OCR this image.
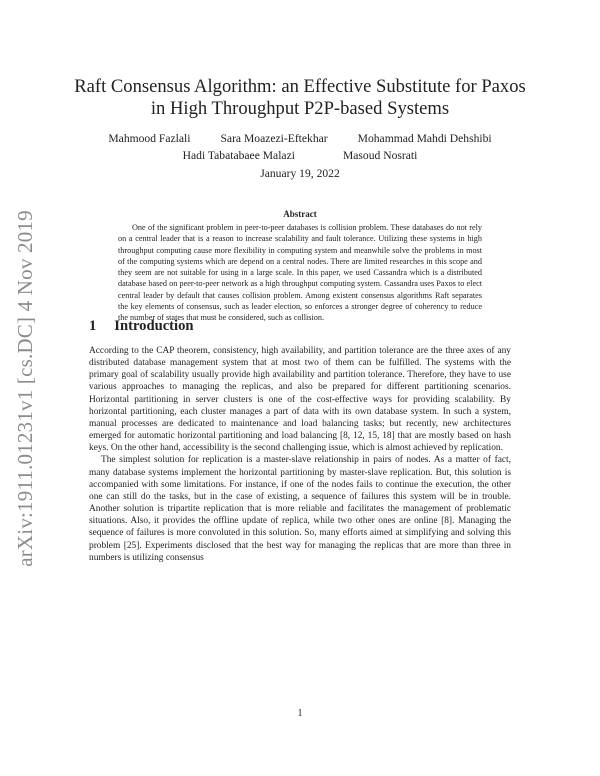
arXiv:1911.01231v1 [cs.DC] 4 Nov 2019
Raft Consensus Algorithm: an Effective Substitute for Paxos
in High Throughput P2P-based Systems
Mahmood Fazlali	Sara Moazezi-Eftekhar	Mohammad Mahdi Dehshibi
Hadi Tabatabaee Malazi	Masoud Nosrati
January 19, 2022
Abstract
One of the significant problem in peer-to-peer databases is collision problem. These databases do not rely on a central leader that is a reason to increase scalability and fault tolerance. Utilizing these systems in high throughput computing cause more flexibility in computing system and meanwhile solve the problems in most of the computing systems which are depend on a central nodes. There are limited researches in this scope and they seem are not suitable for using in a large scale. In this paper, we used Cassandra which is a distributed database based on peer-to-peer network as a high throughput computing system. Cassandra uses Paxos to elect central leader by default that causes collision problem. Among existent consensus algorithms Raft separates the key elements of consensus, such as leader election, so enforces a stronger degree of coherency to reduce the number of states that must be considered, such as collision.
1 Introduction

According to the CAP theorem, consistency, high availability, and partition tolerance are the three axes of any distributed database management system that at most two of them can be fulfilled. The systems with the primary goal of scalability usually provide high availability and partition tolerance. Therefore, they have to use various approaches to managing the replicas, and also be prepared for different partitioning scenarios. Horizontal partitioning in server clusters is one of the cost-effective ways for providing scalability. By horizontal partitioning, each cluster manages a part of data with its own database system. In such a system, manual processes are dedicated to maintenance and load balancing tasks; but recently, new architectures emerged for automatic horizontal partitioning and load balancing [8, 12, 15, 18] that are mostly based on hash keys. On the other hand, accessibility is the second challenging issue, which is almost achieved by replication.

The simplest solution for replication is a master-slave relationship in pairs of nodes. As a matter of fact, many database systems implement the horizontal partitioning by master-slave replication. But, this solution is accompanied with some limitations. For instance, if one of the nodes fails to continue the execution, the other one can still do the tasks, but in the case of existing, a sequence of failures this system will be in trouble. Another solution is tripartite replication that is more reliable and facilitates the management of problematic situations. Also, it provides the offline update of replica, while two other ones are online [8]. Managing the sequence of failures is more convoluted in this solution. So, many efforts aimed at simplifying and solving this problem [25]. Experiments disclosed that the best way for managing the replicas that are more than three in numbers is utilizing consensus

1
